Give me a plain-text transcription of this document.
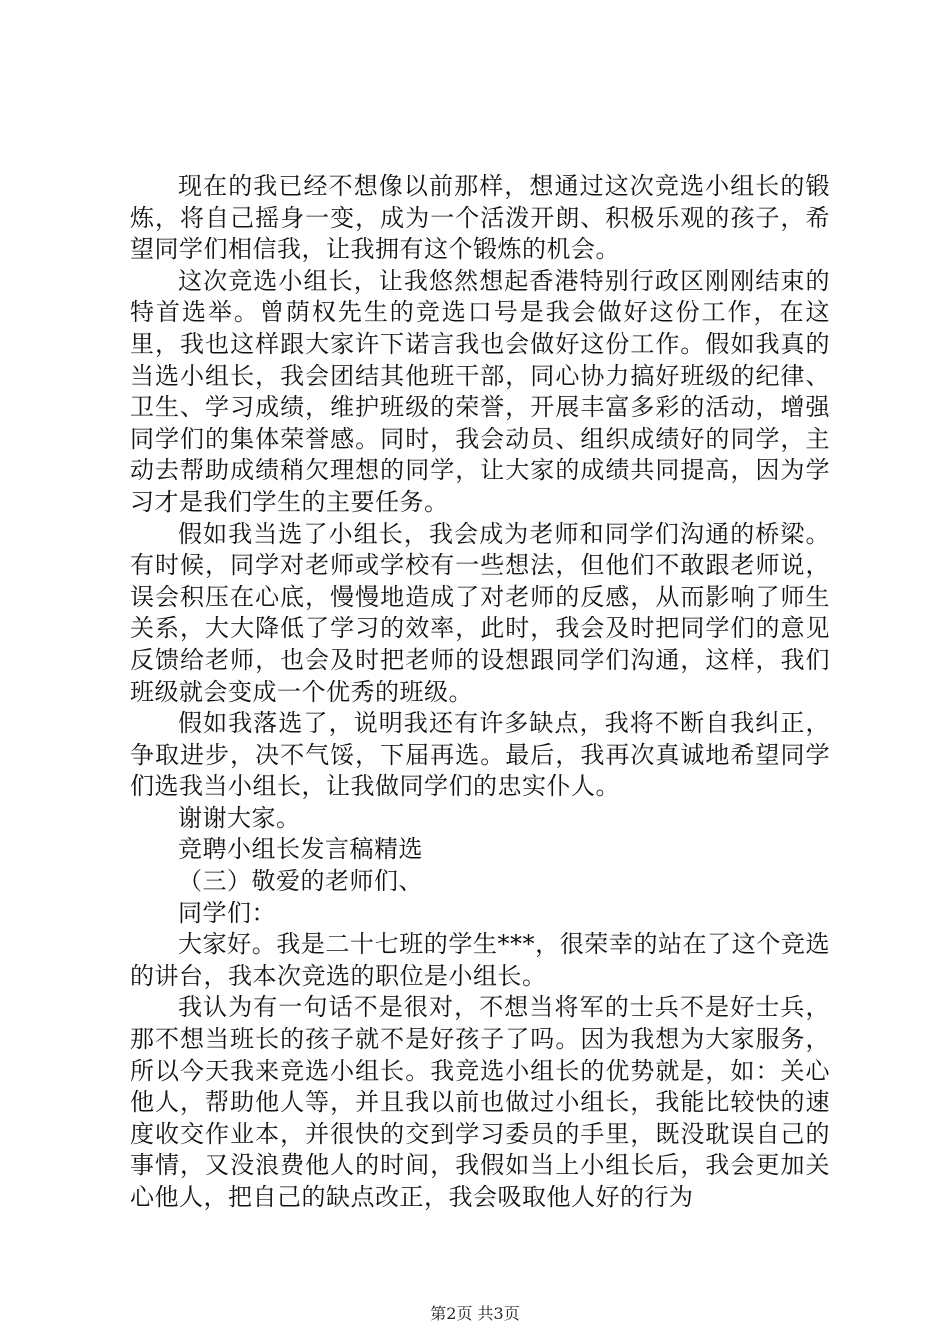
现在的我已经不想像以前那样，想通过这次竞选小组长的锻炼，将自己摇身一变，成为一个活泼开朗、积极乐观的孩子，希望同学们相信我，让我拥有这个锻炼的机会。

这次竞选小组长，让我悠然想起香港特别行政区刚刚结束的特首选举。曾荫权先生的竞选口号是我会做好这份工作，在这里，我也这样跟大家许下诺言我也会做好这份工作。假如我真的当选小组长，我会团结其他班干部，同心协力搞好班级的纪律、卫生、学习成绩，维护班级的荣誉，开展丰富多彩的活动，增强同学们的集体荣誉感。同时，我会动员、组织成绩好的同学，主动去帮助成绩稍欠理想的同学，让大家的成绩共同提高，因为学习才是我们学生的主要任务。

假如我当选了小组长，我会成为老师和同学们沟通的桥梁。有时候，同学对老师或学校有一些想法，但他们不敢跟老师说，误会积压在心底，慢慢地造成了对老师的反感，从而影响了师生关系，大大降低了学习的效率，此时，我会及时把同学们的意见反馈给老师，也会及时把老师的设想跟同学们沟通，这样，我们班级就会变成一个优秀的班级。

假如我落选了，说明我还有许多缺点，我将不断自我纠正，争取进步，决不气馁，下届再选。最后，我再次真诚地希望同学们选我当小组长，让我做同学们的忠实仆人。

谢谢大家。

竞聘小组长发言稿精选

（三）敬爱的老师们、

同学们：

大家好。我是二十七班的学生***，很荣幸的站在了这个竞选的讲台，我本次竞选的职位是小组长。

我认为有一句话不是很对，不想当将军的士兵不是好士兵，那不想当班长的孩子就不是好孩子了吗。因为我想为大家服务，所以今天我来竞选小组长。我竞选小组长的优势就是，如：关心他人，帮助他人等，并且我以前也做过小组长，我能比较快的速度收交作业本，并很快的交到学习委员的手里，既没耽误自己的事情，又没浪费他人的时间，我假如当上小组长后，我会更加关心他人，把自己的缺点改正，我会吸取他人好的行为

第2页 共3页
